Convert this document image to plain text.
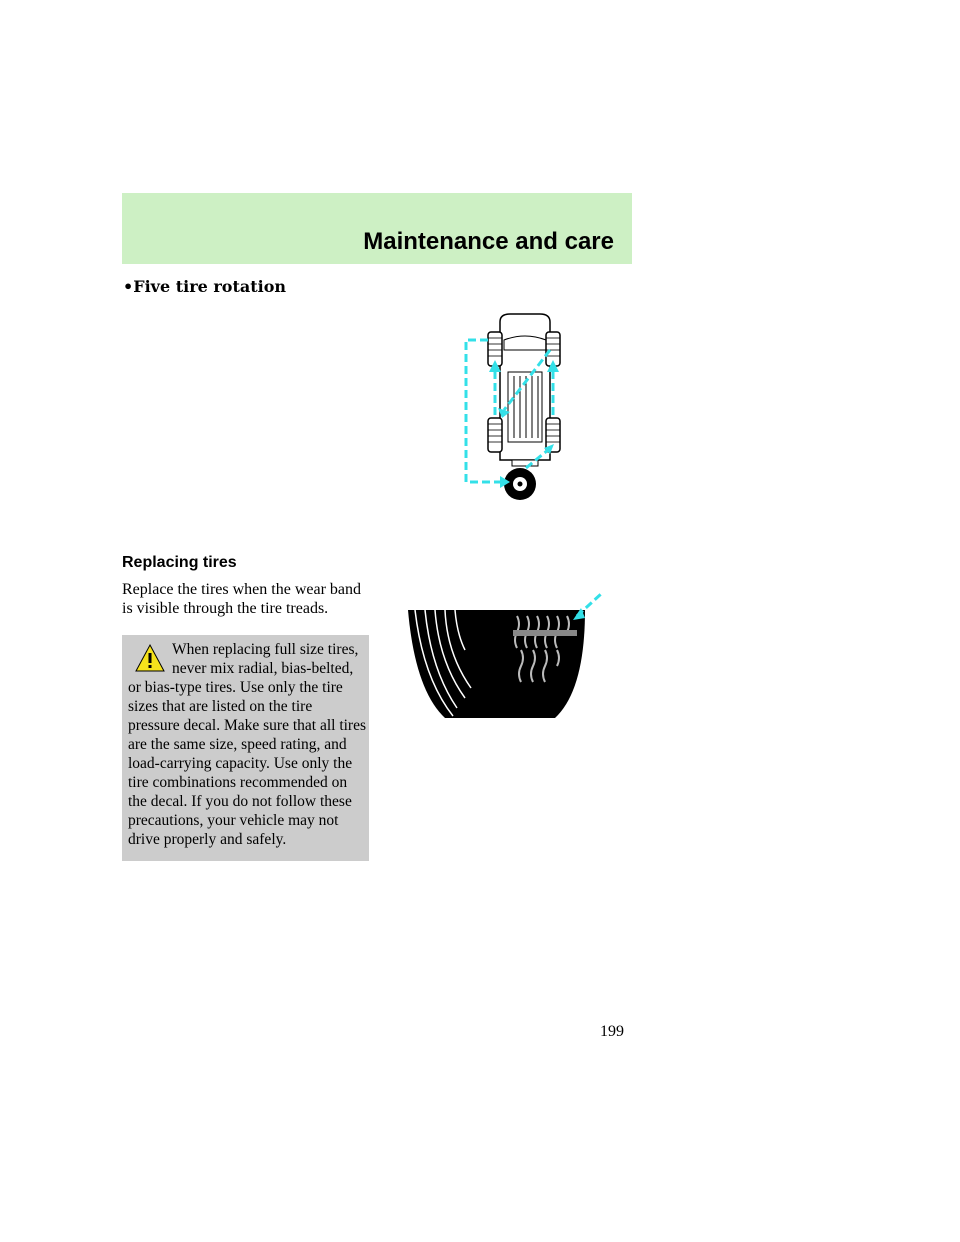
Maintenance and care
•Five tire rotation
Replacing tires

Replace the tires when the wear band is visible through the tire treads.

When replacing full size tires, never mix radial, bias-belted, or bias-type tires. Use only the tire sizes that are listed on the tire pressure decal. Make sure that all tires are the same size, speed rating, and load-carrying capacity. Use only the tire combinations recommended on the decal. If you do not follow these precautions, your vehicle may not drive properly and safely.
199
